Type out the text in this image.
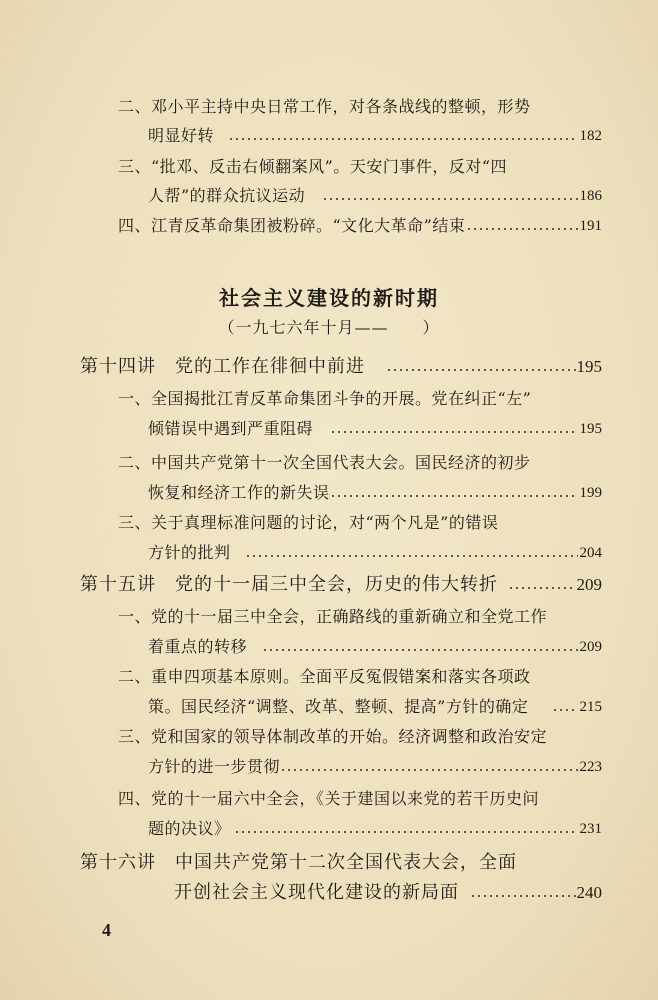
二、邓小平主持中央日常工作，对各条战线的整顿，形势
明显好转	182
三、“批邓、反击右倾翻案风”。天安门事件，反对“四
人帮”的群众抗议运动	186
四、江青反革命集团被粉碎。“文化大革命”结束	191
社会主义建设的新时期
（一九七六年十月——　　）
第十四讲　党的工作在徘徊中前进	195
一、全国揭批江青反革命集团斗争的开展。党在纠正“左”
倾错误中遇到严重阻碍	195
二、中国共产党第十一次全国代表大会。国民经济的初步
恢复和经济工作的新失误	199
三、关于真理标准问题的讨论，对“两个凡是”的错误
方针的批判	204
第十五讲　党的十一届三中全会，历史的伟大转折	209
一、党的十一届三中全会，正确路线的重新确立和全党工作
着重点的转移	209
二、重申四项基本原则。全面平反冤假错案和落实各项政
策。国民经济“调整、改革、整顿、提高”方针的确定	215
三、党和国家的领导体制改革的开始。经济调整和政治安定
方针的进一步贯彻	223
四、党的十一届六中全会，《关于建国以来党的若干历史问
题的决议》	231
第十六讲　中国共产党第十二次全国代表大会，全面
开创社会主义现代化建设的新局面	240
4
